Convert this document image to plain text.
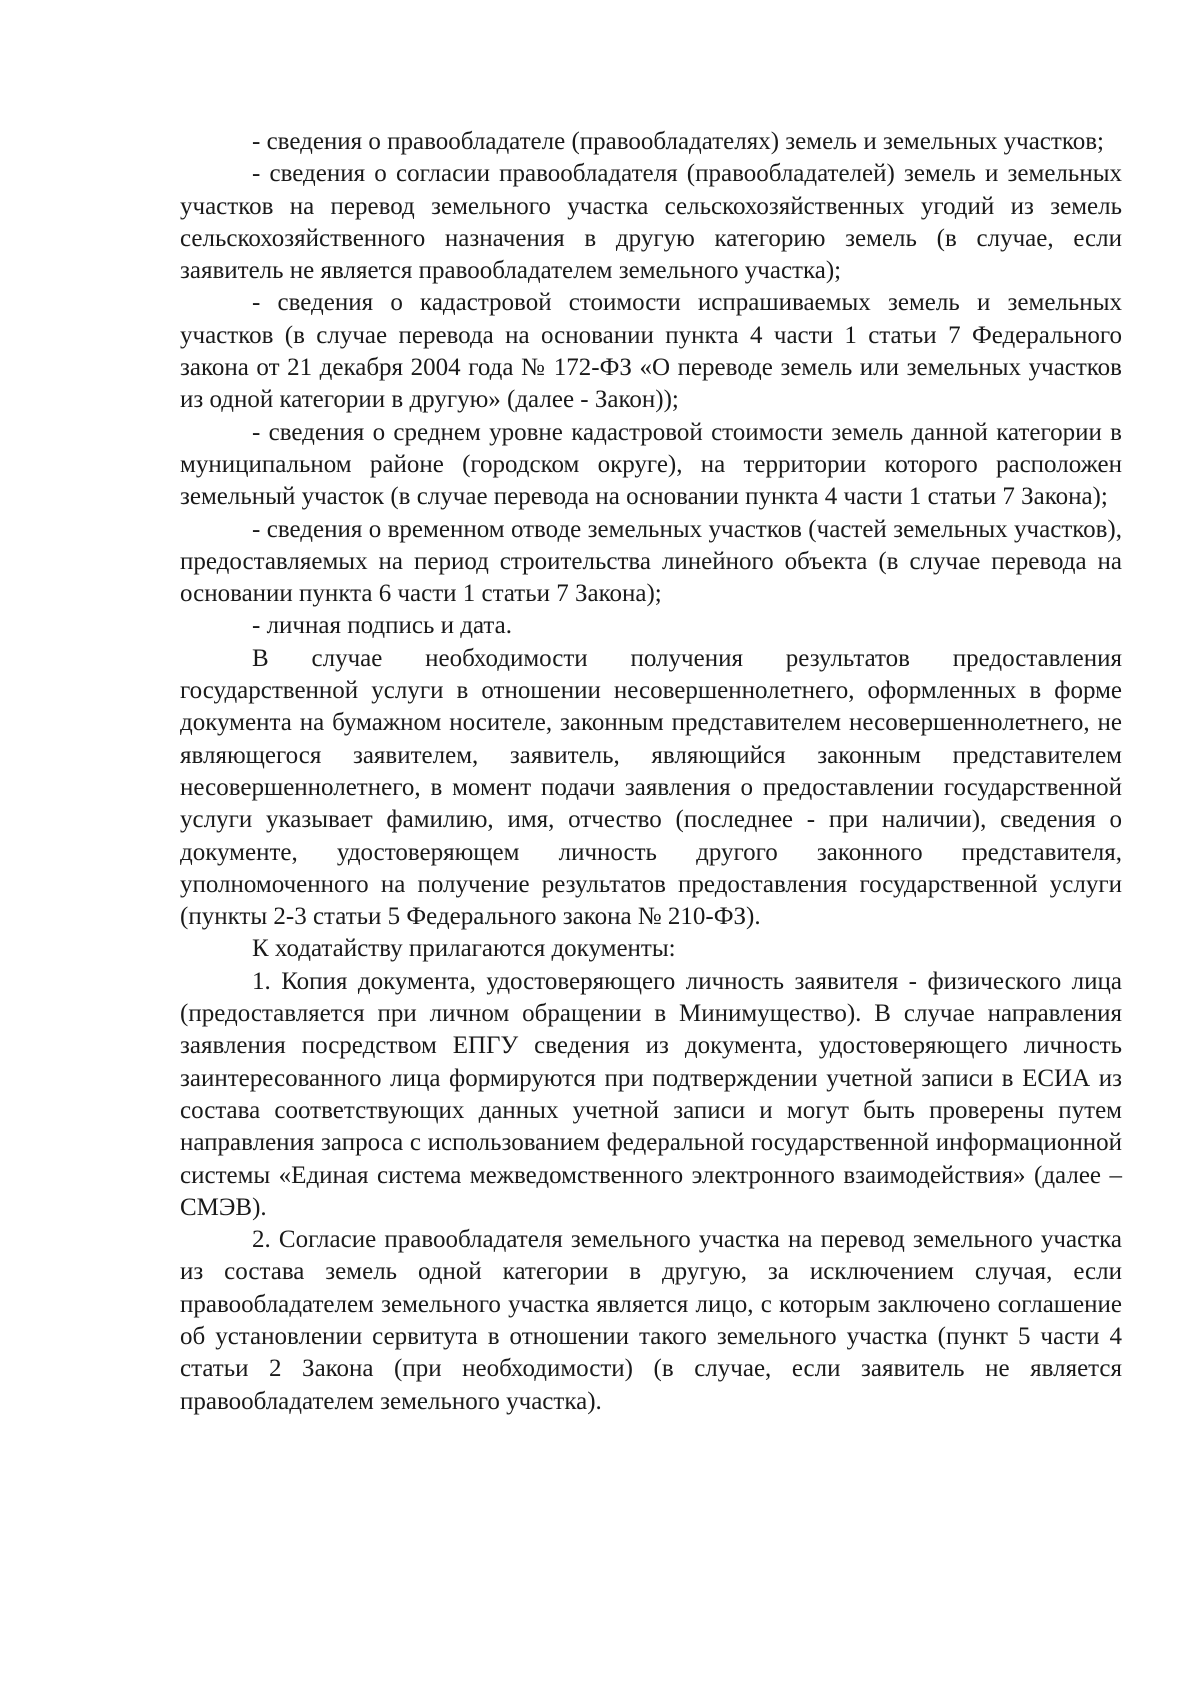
- сведения о правообладателе (правообладателях) земель и земельных участков;

- сведения о согласии правообладателя (правообладателей) земель и земельных участков на перевод земельного участка сельскохозяйственных угодий из земель сельскохозяйственного назначения в другую категорию земель (в случае, если заявитель не является правообладателем земельного участка);

- сведения о кадастровой стоимости испрашиваемых земель и земельных участков (в случае перевода на основании пункта 4 части 1 статьи 7 Федерального закона от 21 декабря 2004 года № 172-ФЗ «О переводе земель или земельных участков из одной категории в другую» (далее - Закон));

- сведения о среднем уровне кадастровой стоимости земель данной категории в муниципальном районе (городском округе), на территории которого расположен земельный участок (в случае перевода на основании пункта 4 части 1 статьи 7 Закона);

- сведения о временном отводе земельных участков (частей земельных участков), предоставляемых на период строительства линейного объекта (в случае перевода на основании пункта 6 части 1 статьи 7 Закона);

- личная подпись и дата.

В случае необходимости получения результатов предоставления государственной услуги в отношении несовершеннолетнего, оформленных в форме документа на бумажном носителе, законным представителем несовершеннолетнего, не являющегося заявителем, заявитель, являющийся законным представителем несовершеннолетнего, в момент подачи заявления о предоставлении государственной услуги указывает фамилию, имя, отчество (последнее - при наличии), сведения о документе, удостоверяющем личность другого законного представителя, уполномоченного на получение результатов предоставления государственной услуги (пункты 2-3 статьи 5 Федерального закона № 210-ФЗ).

К ходатайству прилагаются документы:

1. Копия документа, удостоверяющего личность заявителя - физического лица (предоставляется при личном обращении в Минимущество). В случае направления заявления посредством ЕПГУ сведения из документа, удостоверяющего личность заинтересованного лица формируются при подтверждении учетной записи в ЕСИА из состава соответствующих данных учетной записи и могут быть проверены путем направления запроса с использованием федеральной государственной информационной системы «Единая система межведомственного электронного взаимодействия» (далее – СМЭВ).

2. Согласие правообладателя земельного участка на перевод земельного участка из состава земель одной категории в другую, за исключением случая, если правообладателем земельного участка является лицо, с которым заключено соглашение об установлении сервитута в отношении такого земельного участка (пункт 5 части 4 статьи 2 Закона (при необходимости) (в случае, если заявитель не является правообладателем земельного участка).
